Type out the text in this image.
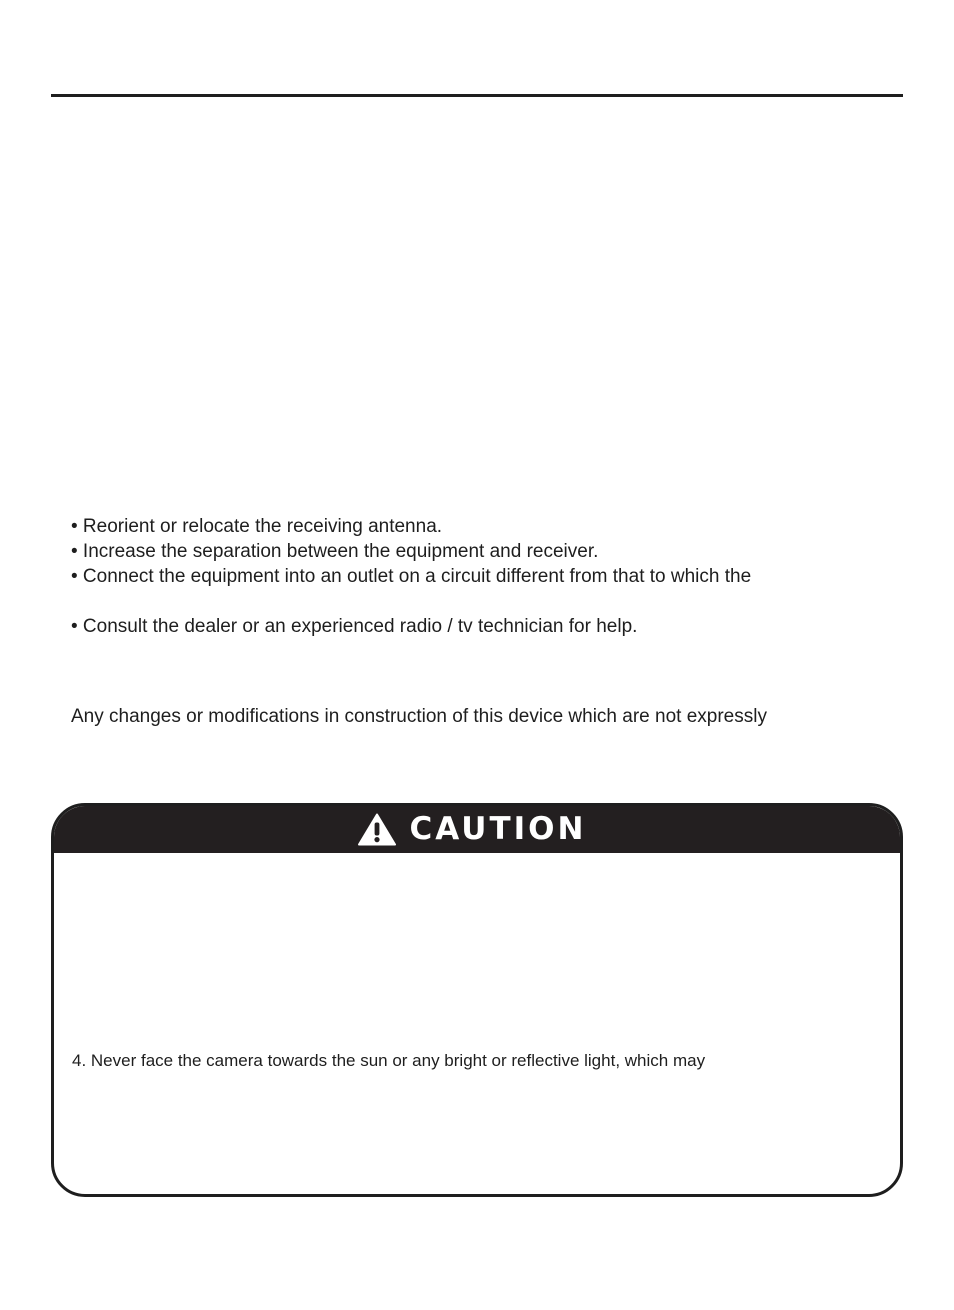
• Reorient or relocate the receiving antenna.
• Increase the separation between the equipment and receiver.
• Connect the equipment into an outlet on a circuit different from that to which the
• Consult the dealer or an experienced radio / tv technician for help.
Any changes or modifications in construction of this device which are not expressly
CAUTION
4. Never face the camera towards the sun or any bright or reflective light, which may
